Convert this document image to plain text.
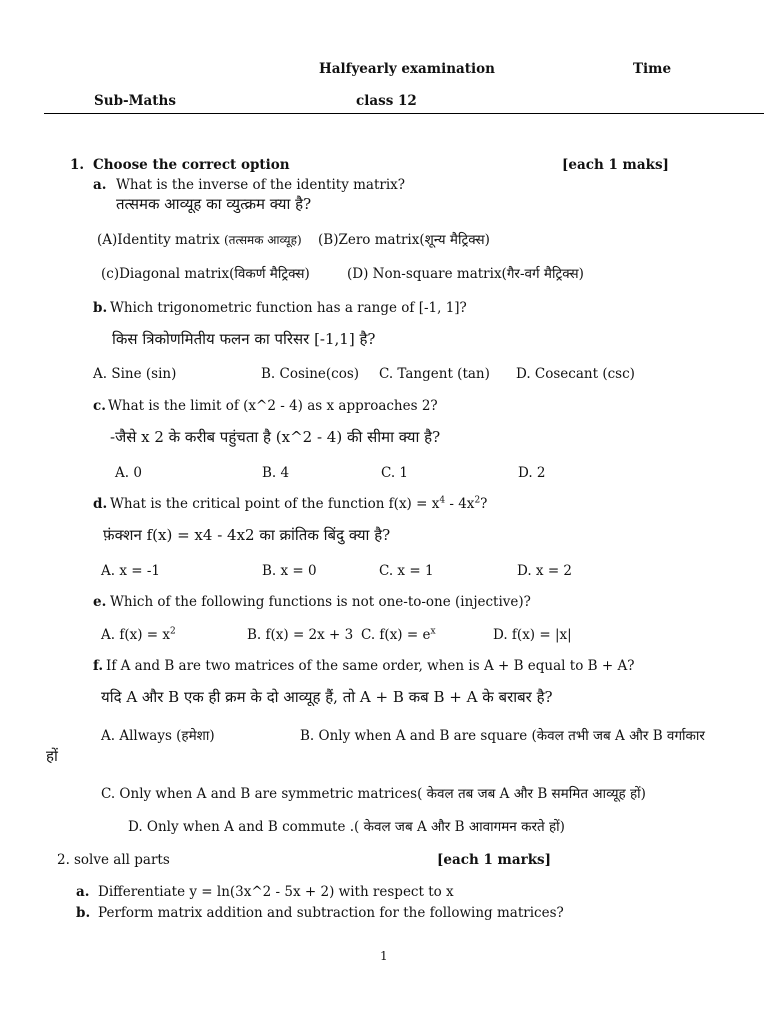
Halfyearly examination	Time
Sub-Maths	class 12
1. Choose the correct option	[each 1 maks]
a. What is the inverse of the identity matrix?
तत्समक आव्यूह का व्युत्क्रम क्या है?
(A)Identity matrix (तत्समक आव्यूह) (B)Zero matrix(शून्य मैट्रिक्स)
(c)Diagonal matrix(विकर्ण मैट्रिक्स)	(D) Non-square matrix(गैर-वर्ग मैट्रिक्स)
b. Which trigonometric function has a range of [-1, 1]?
किस त्रिकोणमितीय फलन का परिसर [-1,1] है?
A. Sine (sin)	B. Cosine(cos) C. Tangent (tan) D. Cosecant (csc)
c. What is the limit of (x^2 - 4) as x approaches 2?
-जैसे x 2 के करीब पहुंचता है (x^2 - 4) की सीमा क्या है?
A. 0	B. 4	C. 1	D. 2
d. What is the critical point of the function $f(x) = x^4 - 4x^2$?
फ़ंक्शन f(x) = x4 - 4x2 का क्रांतिक बिंदु क्या है?
A. x = -1	B. x = 0	C. x = 1	D. x = 2
e. Which of the following functions is not one-to-one (injective)?
A. $f(x) = x^2$	B. f(x) = 2x + 3 C. $f(x) = e^x$	D. f(x) = |x|
f. If A and B are two matrices of the same order, when is A + B equal to B + A?
यदि A और B एक ही क्रम के दो आव्यूह हैं, तो A + B कब B + A के बराबर है?
A. Allways (हमेशा)	B. Only when A and B are square (केवल तभी जब A और B वर्गाकार
हों
C. Only when A and B are symmetric matrices( केवल तब जब A और B सममित आव्यूह हों)
D. Only when A and B commute .( केवल जब A और B आवागमन करते हों)
2. solve all parts	[each 1 marks]
a. Differentiate y = ln(3x^2 - 5x + 2) with respect to x
b. Perform matrix addition and subtraction for the following matrices?
1
